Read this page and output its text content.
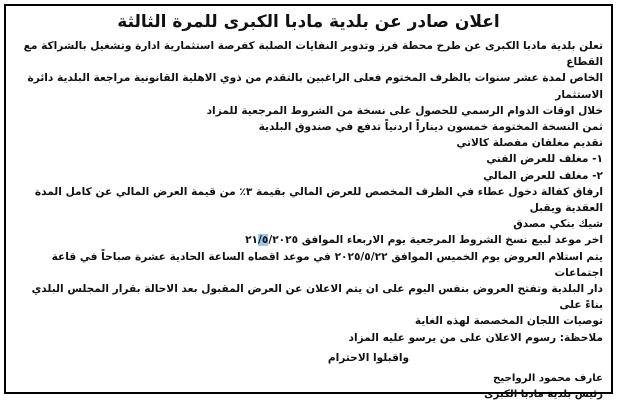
اعلان صادر عن بلدية مادبا الكبرى للمرة الثالثة

تعلن بلدية مادبا الكبرى عن طرح محطة فرز وتدوير النفايات الصلبة كفرصة استثمارية ادارة وتشغيل بالشراكة مع القطاع
الخاص لمدة عشر سنوات بالظرف المختوم فعلى الراغبين بالتقدم من ذوي الاهلية القانونية مراجعة البلدية دائرة الاستثمار
خلال اوقات الدوام الرسمي للحصول على نسخة من الشروط المرجعية للمزاد

ثمن النسخة المختومة خمسون ديناراً اردنياً تدفع في صندوق البلدية

تقديم مغلفان مفصلة كالاتي

١- مغلف للعرض الفني

٢- مغلف للعرض المالي

ارفاق كفالة دخول عطاء في الظرف المخصص للعرض المالي بقيمة ٣٪ من قيمة العرض المالي عن كامل المدة العقدية ويقبل
شيك بنكي مصدق

اخر موعد لبيع نسخ الشروط المرجعية يوم الاربعاء الموافق ٢١/٥/٢٠٢٥

يتم استلام العروض يوم الخميس الموافق ٢٠٢٥/٥/٢٢ في موعد اقصاه الساعة الحادية عشرة صباحاً في قاعة اجتماعات
دار البلدية وتفتح العروض بنفس اليوم على ان يتم الاعلان عن العرض المقبول بعد الاحالة بقرار المجلس البلدي بناءً على
توصيات اللجان المخصصة لهذه الغاية

ملاحظة: رسوم الاعلان على من يرسو عليه المزاد

واقبلوا الاحترام
عارف محمود الرواجيح
رئيس بلدية مادبا الكبرى
